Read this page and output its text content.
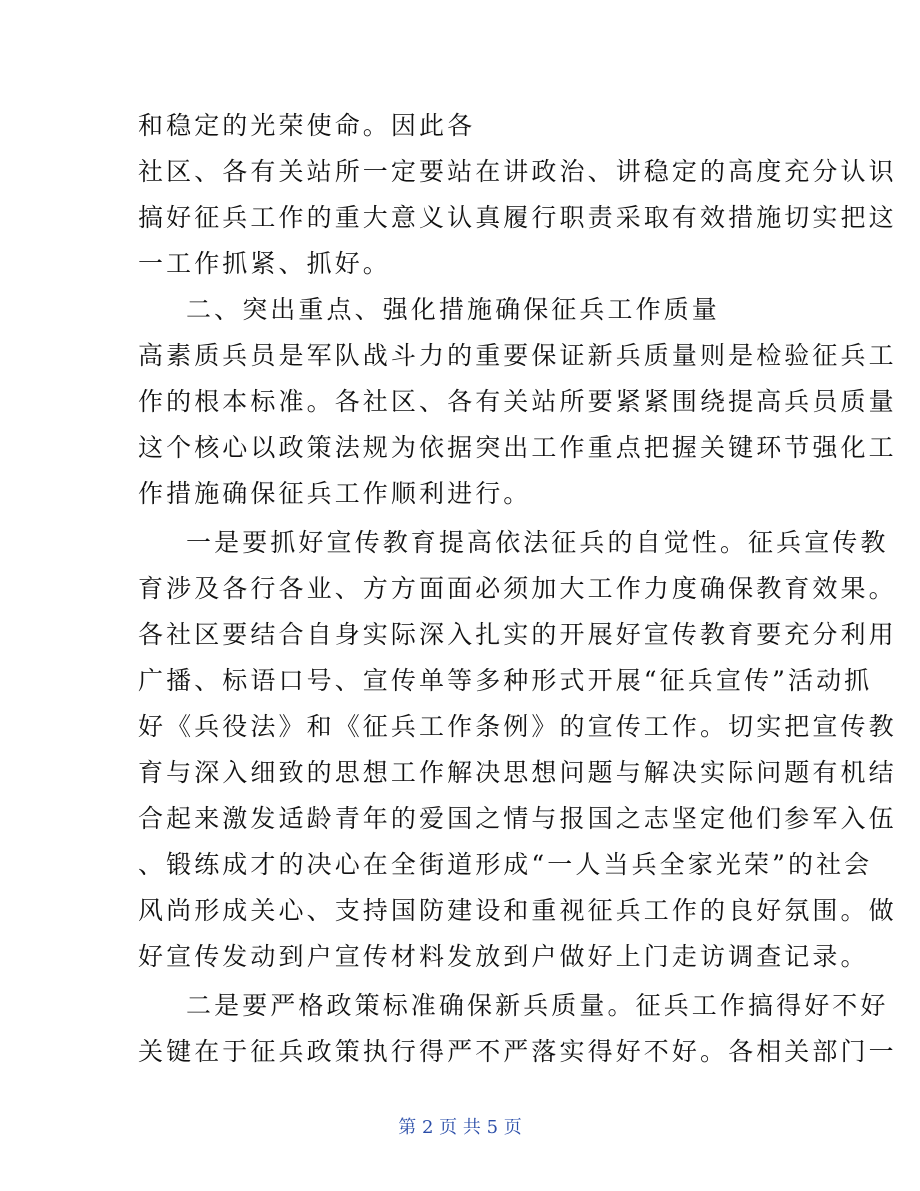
和稳定的光荣使命。因此各
社区、各有关站所一定要站在讲政治、讲稳定的高度充分认识
搞好征兵工作的重大意义认真履行职责采取有效措施切实把这
一工作抓紧、抓好。
二、突出重点、强化措施确保征兵工作质量
高素质兵员是军队战斗力的重要保证新兵质量则是检验征兵工
作的根本标准。各社区、各有关站所要紧紧围绕提高兵员质量
这个核心以政策法规为依据突出工作重点把握关键环节强化工
作措施确保征兵工作顺利进行。
一是要抓好宣传教育提高依法征兵的自觉性。征兵宣传教
育涉及各行各业、方方面面必须加大工作力度确保教育效果。
各社区要结合自身实际深入扎实的开展好宣传教育要充分利用
广播、标语口号、宣传单等多种形式开展“征兵宣传”活动抓
好《兵役法》和《征兵工作条例》的宣传工作。切实把宣传教
育与深入细致的思想工作解决思想问题与解决实际问题有机结
合起来激发适龄青年的爱国之情与报国之志坚定他们参军入伍
、锻练成才的决心在全街道形成“一人当兵全家光荣”的社会
风尚形成关心、支持国防建设和重视征兵工作的良好氛围。做
好宣传发动到户宣传材料发放到户做好上门走访调查记录。
二是要严格政策标准确保新兵质量。征兵工作搞得好不好
关键在于征兵政策执行得严不严落实得好不好。各相关部门一
第 2 页 共 5 页
